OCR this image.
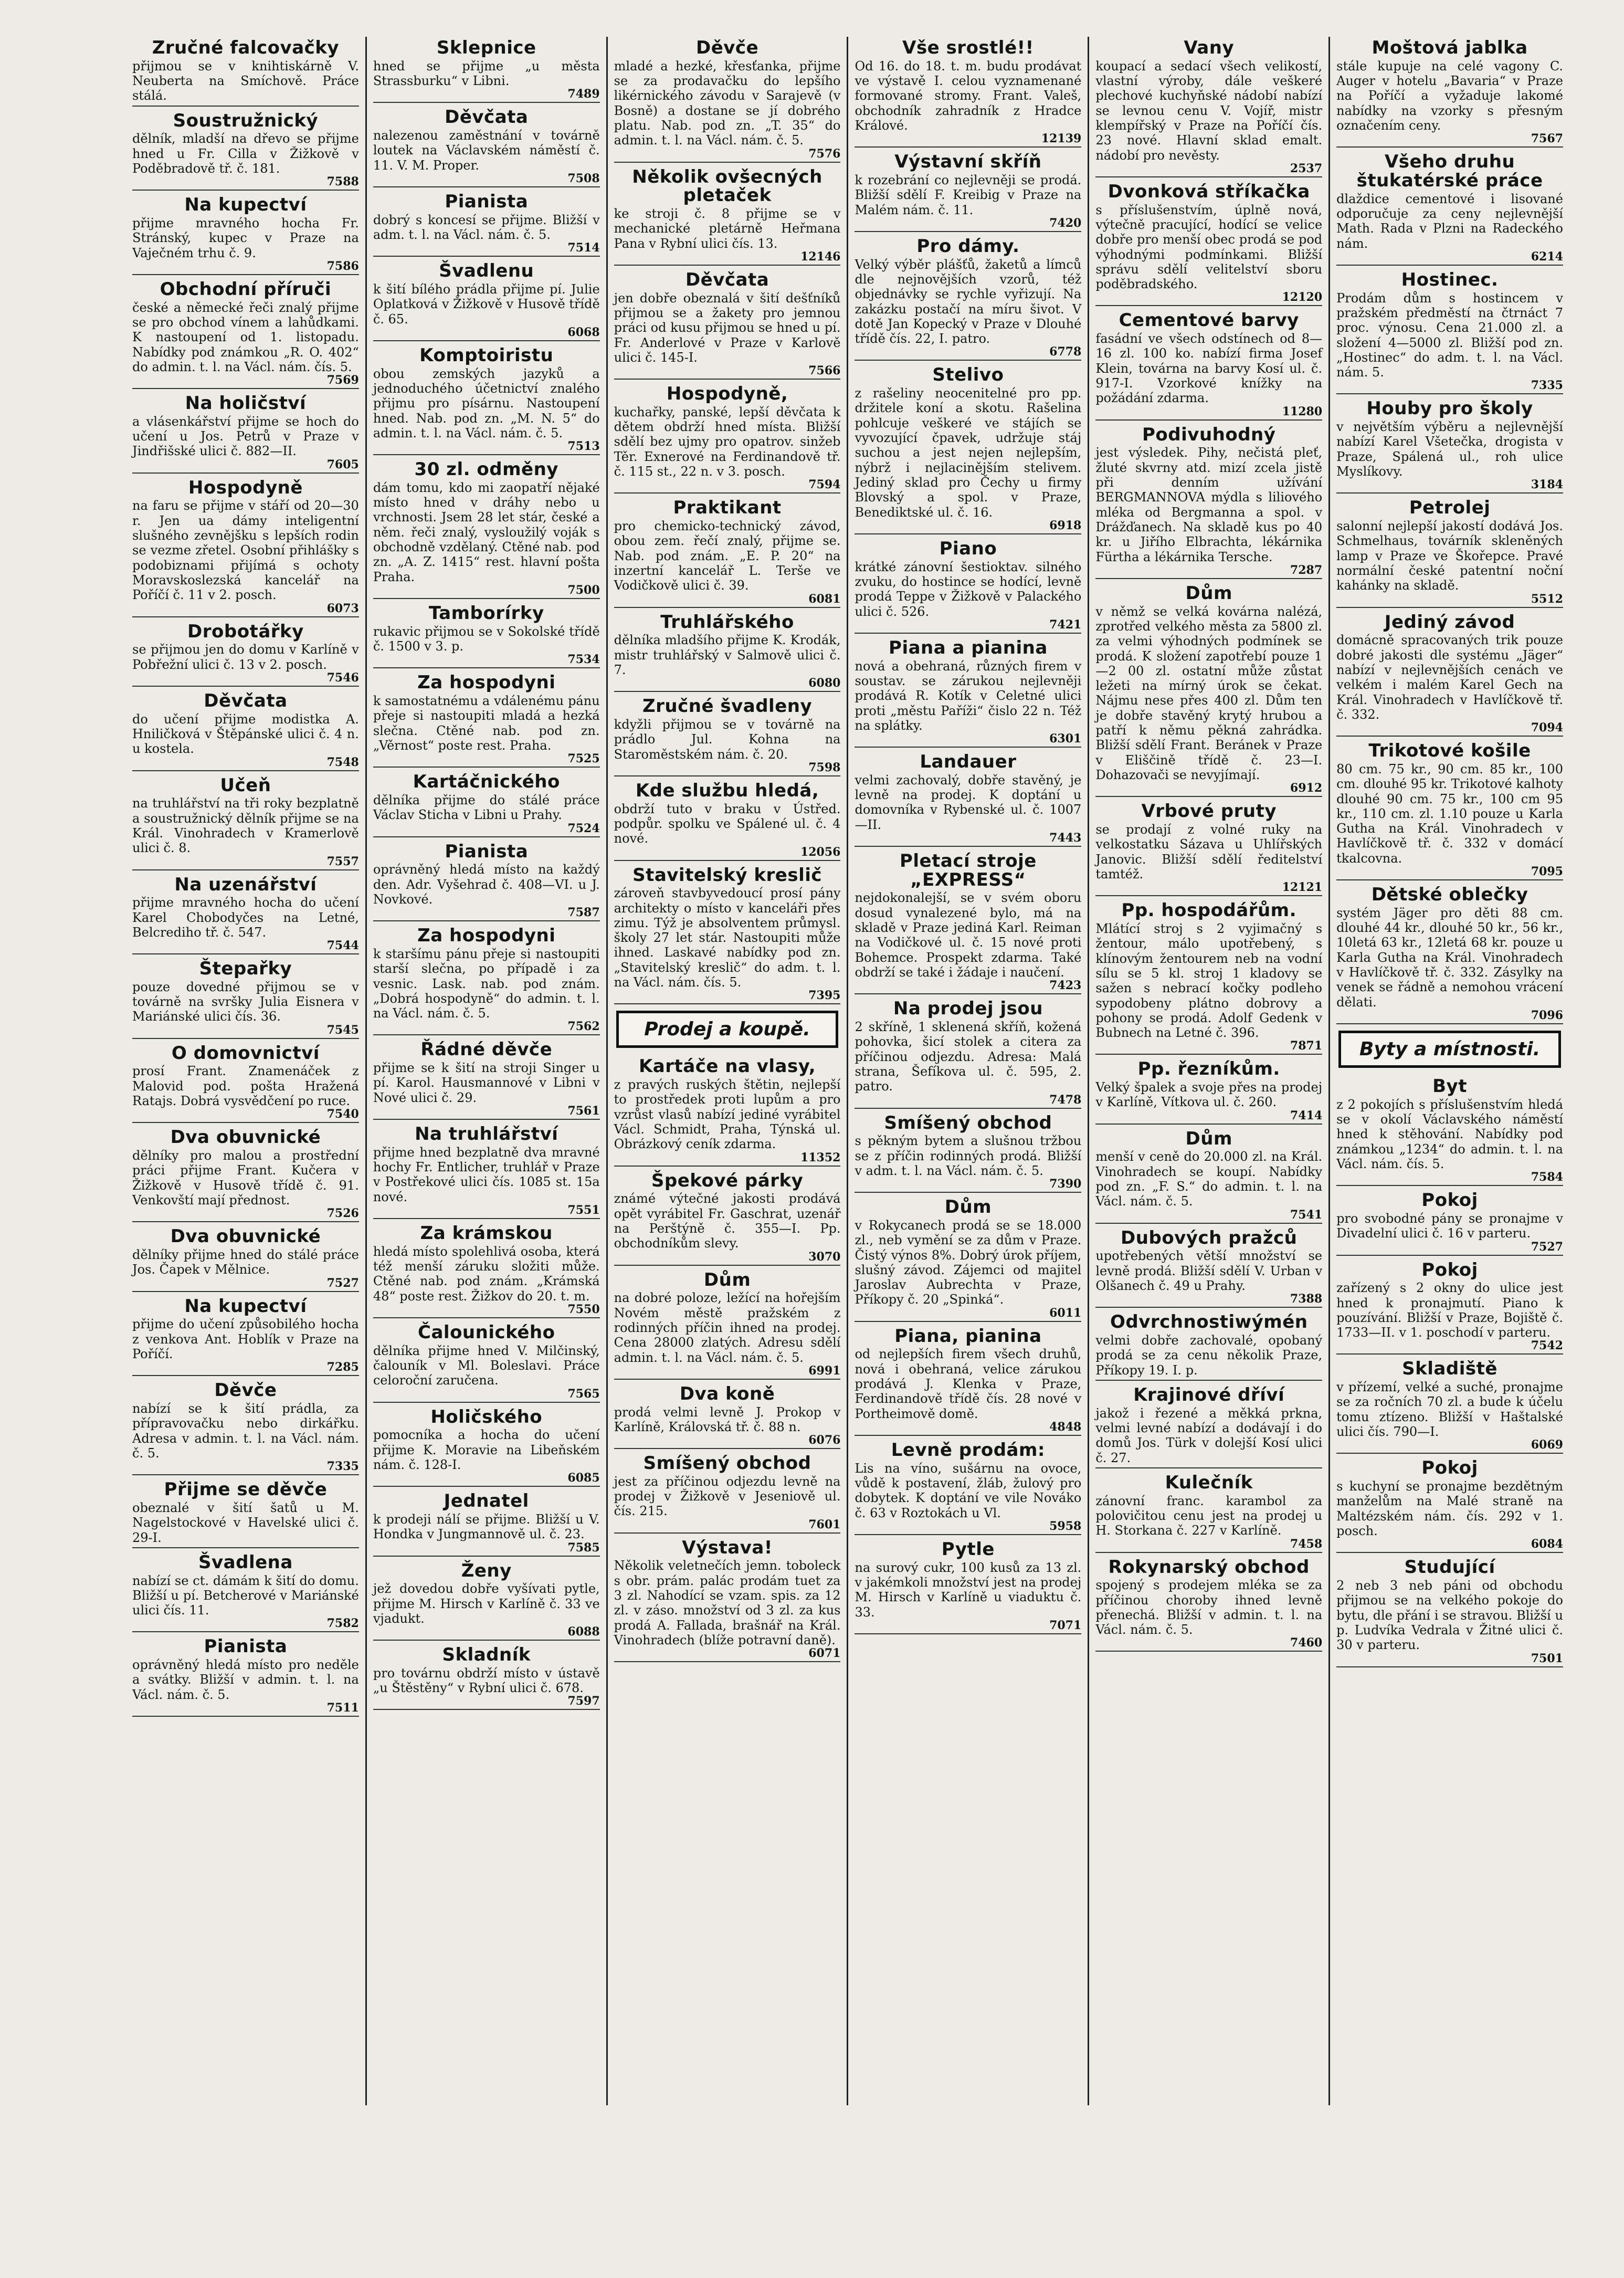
Zručné falcovačky

přijmou se v knihtiskárně V. Neuberta na Smíchově. Práce stálá.

Soustružnický

dělník, mladší na dřevo se přijme hned u Fr. Cilla v Žižkově v Poděbradově tř. č. 181.

7588
Na kupectví

přijme mravného hocha Fr. Stránský, kupec v Praze na Vaječném trhu č. 9.

7586
Obchodní příruči

české a německé řeči znalý přijme se pro obchod vínem a lahůdkami. K nastoupení od 1. listopadu. Nabídky pod známkou „R. O. 402“ do admin. t. l. na Václ. nám. čís. 5.

7569
Na holičství

a vlásenkářství přijme se hoch do učení u Jos. Petrů v Praze v Jindřišské ulici č. 882—II.

7605
Hospodyně

na faru se přijme v stáří od 20—30 r. Jen ua dámy inteligentní slušného zevnějšku s lepších rodin se vezme zřetel. Osobní přihlášky s podobiznami přijímá s ochoty Moravskoslezská kancelář na Poříčí č. 11 v 2. posch.

6073
Drobotářky

se přijmou jen do domu v Karlíně v Pobřežní ulici č. 13 v 2. posch.

7546
Děvčata

do učení přijme modistka A. Hniličková v Štěpánské ulici č. 4 n. u kostela.

7548
Učeň

na truhlářství na tři roky bezplatně a soustružnický dělník přijme se na Král. Vinohradech v Kramerlově ulici č. 8.

7557
Na uzenářství

přijme mravného hocha do učení Karel Chobodyčes na Letné, Belcrediho tř. č. 547.

7544
Štepařky

pouze dovedné přijmou se v továrně na svršky Julia Eisnera v Mariánské ulici čís. 36.

7545
O domovnictví

prosí Frant. Znamenáček z Malovid pod. pošta Hražená Ratajs. Dobrá vysvědčení po ruce.

7540
Dva obuvnické

dělníky pro malou a prostřední práci přijme Frant. Kučera v Žižkově v Husově třídě č. 91. Venkovští mají přednost.

7526
Dva obuvnické

dělníky přijme hned do stálé práce Jos. Čapek v Mělnice.

7527
Na kupectví

přijme do učení způsobilého hocha z venkova Ant. Hoblík v Praze na Poříčí.

7285
Děvče

nabízí se k šití prádla, za přípravovačku nebo dirkářku. Adresa v admin. t. l. na Václ. nám. č. 5.

7335
Přijme se děvče

obeznalé v šití šatů u M. Nagelstockové v Havelské ulici č. 29-I.

Švadlena

nabízí se ct. dámám k šití do domu. Bližší u pí. Betcherové v Mariánské ulici čís. 11.

7582
Pianista

oprávněný hledá místo pro neděle a svátky. Bližší v admin. t. l. na Václ. nám. č. 5.

7511
Sklepnice

hned se přijme „u města Strassburku“ v Libni.

7489
Děvčata

nalezenou zaměstnání v továrně loutek na Václavském náměstí č. 11. V. M. Proper.

7508
Pianista

dobrý s koncesí se přijme. Bližší v adm. t. l. na Václ. nám. č. 5.

7514
Švadlenu

k šití bílého prádla přijme pí. Julie Oplatková v Žižkově v Husově třídě č. 65.

6068
Komptoiristu

obou zemských jazyků a jednoduchého účetnictví znalého přijmu pro písárnu. Nastoupení hned. Nab. pod zn. „M. N. 5“ do admin. t. l. na Václ. nám. č. 5.

7513
30 zl. odměny

dám tomu, kdo mi zaopatří nějaké místo hned v dráhy nebo u vrchnosti. Jsem 28 let stár, české a něm. řeči znalý, vysloužilý voják s obchodně vzdělaný. Ctěné nab. pod zn. „A. Z. 1415“ rest. hlavní pošta Praha.

7500
Tamborírky

rukavic přijmou se v Sokolské třídě č. 1500 v 3. p.

7534
Za hospodyni

k samostatnému a vdálenému pánu přeje si nastoupiti mladá a hezká slečna. Ctěné nab. pod zn. „Věrnost“ poste rest. Praha.

7525
Kartáčnického

dělníka přijme do stálé práce Václav Sticha v Libni u Prahy.

7524
Pianista

oprávněný hledá místo na každý den. Adr. Vyšehrad č. 408—VI. u J. Novkové.

7587
Za hospodyni

k staršímu pánu přeje si nastoupiti starší slečna, po případě i za vesnic. Lask. nab. pod znám. „Dobrá hospodyně“ do admin. t. l. na Václ. nám. č. 5.

7562
Řádné děvče

přijme se k šití na stroji Singer u pí. Karol. Hausmannové v Libni v Nové ulici č. 29.

7561
Na truhlářství

přijme hned bezplatně dva mravné hochy Fr. Entlicher, truhlář v Praze v Postřekové ulici čís. 1085 st. 15a nové.

7551
Za krámskou

hledá místo spolehlivá osoba, která též menší záruku složiti může. Ctěné nab. pod znám. „Krámská 48“ poste rest. Žižkov do 20. t. m.

7550
Čalounického

dělníka přijme hned V. Milčinský, čalouník v Ml. Boleslavi. Práce celoroční zaručena.

7565
Holičského

pomocníka a hocha do učení přijme K. Moravie na Libeňském nám. č. 128-I.

6085
Jednatel

k prodeji nálí se přijme. Bližší u V. Hondka v Jungmannově ul. č. 23.

7585
Ženy

jež dovedou dobře vyšívati pytle, přijme M. Hirsch v Karlíně č. 33 ve vjadukt.

6088
Skladník

pro továrnu obdrží místo v ústavě „u Štěstěny“ v Rybní ulici č. 678.

7597
Děvče

mladé a hezké, křesťanka, přijme se za prodavačku do lepšího likérnického závodu v Sarajevě (v Bosně) a dostane se jí dobrého platu. Nab. pod zn. „T. 35“ do admin. t. l. na Václ. nám. č. 5.

7576
Několik ovšecných pletaček

ke stroji č. 8 přijme se v mechanické pletárně Heřmana Pana v Rybní ulici čís. 13.

12146
Děvčata

jen dobře obeznalá v šití dešťníků přijmou se a žakety pro jemnou práci od kusu přijmou se hned u pí. Fr. Anderlové v Praze v Karlově ulici č. 145-I.

7566
Hospodyně,

kuchařky, panské, lepší děvčata k dětem obdrží hned místa. Bližší sdělí bez ujmy pro opatrov. sinžeb Těr. Exnerové na Ferdinandově tř. č. 115 st., 22 n. v 3. posch.

7594
Praktikant

pro chemicko-technický závod, obou zem. řečí znalý, přijme se. Nab. pod znám. „E. P. 20“ na inzertní kancelář L. Terše ve Vodičkově ulici č. 39.

6081
Truhlářského

dělníka mladšího přijme K. Krodák, mistr truhlářský v Salmově ulici č. 7.

6080
Zručné švadleny

kdyžli přijmou se v továrně na prádlo Jul. Kohna na Staroměstském nám. č. 20.

7598
Kde službu hledá,

obdrží tuto v braku v Ústřed. podpůr. spolku ve Spálené ul. č. 4 nové.

12056
Stavitelský kreslič

zároveň stavbyvedoucí prosí pány architekty o místo v kanceláři přes zimu. Týž je absolventem průmysl. školy 27 let stár. Nastoupiti může ihned. Laskavé nabídky pod zn. „Stavitelský kreslič“ do adm. t. l. na Václ. nám. čís. 5.

7395
Prodej a koupě.
Kartáče na vlasy,

z pravých ruských štětin, nejlepší to prostředek proti lupům a pro vzrůst vlasů nabízí jediné vyrábitel Václ. Schmidt, Praha, Týnská ul. Obrázkový ceník zdarma.

11352
Špekové párky

známé výtečné jakosti prodává opět vyrábitel Fr. Gaschrat, uzenář na Perštýně č. 355—I. Pp. obchodníkům slevy.

3070
Dům

na dobré poloze, ležící na hořejším Novém městě pražském z rodinných příčin ihned na prodej. Cena 28000 zlatých. Adresu sdělí admin. t. l. na Václ. nám. č. 5.

6991
Dva koně

prodá velmi levně J. Prokop v Karlíně, Královská tř. č. 88 n.

6076
Smíšený obchod

jest za příčinou odjezdu levně na prodej v Žižkově v Jeseniově ul. čís. 215.

7601
Výstava!

Několik veletnečích jemn. toboleck s obr. prám. palác prodám tuet za 3 zl. Nahodící se vzam. spis. za 12 zl. v záso. množství od 3 zl. za kus prodá A. Fallada, brašnář na Král. Vinohradech (blíže potravní daně).

6071
Vše srostlé!!

Od 16. do 18. t. m. budu prodávat ve výstavě I. celou vyznamenané formované stromy. Frant. Valeš, obchodník zahradník z Hradce Králové.

12139
Výstavní skříň

k rozebrání co nejlevněji se prodá. Bližší sdělí F. Kreibig v Praze na Malém nám. č. 11.

7420
Pro dámy.

Velký výběr plášťů, žaketů a límců dle nejnovějších vzorů, též objednávky se rychle vyřizují. Na zakázku postačí na míru šivot. V dotě Jan Kopecký v Praze v Dlouhé třídě čís. 22, I. patro.

6778
Stelivo

z rašeliny neocenitelné pro pp. držitele koní a skotu. Rašelina pohlcuje veškeré ve stájích se vyvozující čpavek, udržuje stáj suchou a jest nejen nejlepším, nýbrž i nejlacinějším stelivem. Jediný sklad pro Čechy u firmy Blovský a spol. v Praze, Benediktské ul. č. 16.

6918
Piano

krátké zánovní šestioktav. silného zvuku, do hostince se hodící, levně prodá Teppe v Žižkově v Palackého ulici č. 526.

7421
Piana a pianina

nová a obehraná, různých firem v soustav. se zárukou nejlevněji prodává R. Kotík v Celetné ulici proti „městu Paříži“ čislo 22 n. Též na splátky.

6301
Landauer

velmi zachovalý, dobře stavěný, je levně na prodej. K doptání u domovníka v Rybenské ul. č. 1007—II.

7443
Pletací stroje „EXPRESS“

nejdokonalejší, se v svém oboru dosud vynalezené bylo, má na skladě v Praze jediná Karl. Reiman na Vodičkové ul. č. 15 nové proti Bohemce. Prospekt zdarma. Také obdrží se také i žádaje i naučení.

7423
Na prodej jsou

2 skříně, 1 sklenená skříň, kožená pohovka, šicí stolek a citera za příčinou odjezdu. Adresa: Malá strana, Šefíkova ul. č. 595, 2. patro.

7478
Smíšený obchod

s pěkným bytem a slušnou tržbou se z příčin rodinných prodá. Bližší v adm. t. l. na Václ. nám. č. 5.

7390
Dům

v Rokycanech prodá se se 18.000 zl., neb vymění se za dům v Praze. Čistý výnos 8%. Dobrý úrok příjem, slušný závod. Zájemci od majitel Jaroslav Aubrechta v Praze, Příkopy č. 20 „Spinká“.

6011
Piana, pianina

od nejlepších firem všech druhů, nová i obehraná, velice zárukou prodává J. Klenka v Praze, Ferdinandově třídě čís. 28 nové v Portheimově domě.

4848
Levně prodám:

Lis na víno, sušárnu na ovoce, vůdě k postavení, žláb, žulový pro dobytek. K doptání ve vile Nováko č. 63 v Roztokách u Vl.

5958
Pytle

na surový cukr, 100 kusů za 13 zl. v jakémkoli množství jest na prodej M. Hirsch v Karlíně u viaduktu č. 33.

7071
Vany

koupací a sedací všech velikostí, vlastní výroby, dále veškeré plechové kuchyňské nádobí nabízí se levnou cenu V. Vojíř, mistr klempířský v Praze na Poříčí čís. 23 nové. Hlavní sklad emalt. nádobí pro nevěsty.

2537
Dvonková stříkačka

s příslušenstvím, úplně nová, výtečně pracující, hodící se velice dobře pro menší obec prodá se pod výhodnými podmínkami. Bližší správu sdělí velitelství sboru poděbradského.

12120
Cementové barvy

fasádní ve všech odstínech od 8—16 zl. 100 ko. nabízí firma Josef Klein, továrna na barvy Kosí ul. č. 917-I. Vzorkové knížky na požádání zdarma.

11280
Podivuhodný

jest výsledek. Pihy, nečistá pleť, žluté skvrny atd. mizí zcela jistě při denním užívání BERGMANNOVA mýdla s liliového mléka od Bergmanna a spol. v Drážďanech. Na skladě kus po 40 kr. u Jiřího Elbrachta, lékárnika Fürtha a lékárnika Tersche.

7287
Dům

v němž se velká kovárna nalézá, zprotřed velkého města za 5800 zl. za velmi výhodných podmínek se prodá. K složení zapotřebí pouze 1—2 00 zl. ostatní může zůstat ležeti na mírný úrok se čekat. Nájmu nese přes 400 zl. Dům ten je dobře stavěný krytý hrubou a patří k němu pěkná zahrádka. Bližší sdělí Frant. Beránek v Praze v Eliščině třídě č. 23—I. Dohazovači se nevyjímají.

6912
Vrbové pruty

se prodají z volné ruky na velkostatku Sázava u Uhlířských Janovic. Bližší sdělí ředitelství tamtéž.

12121
Pp. hospodářům.

Mlátící stroj s 2 vyjimačný s žentour, málo upotřebený, s klínovým žentourem neb na vodní sílu se 5 kl. stroj 1 kladovy se sažen s nebrací kočky podleho sypodobeny plátno dobrovy a pohony se prodá. Adolf Gedenk v Bubnech na Letné č. 396.

7871
Pp. řezníkům.

Velký špalek a svoje přes na prodej v Karlíně, Vítkova ul. č. 260.

7414
Dům

menší v ceně do 20.000 zl. na Král. Vinohradech se koupí. Nabídky pod zn. „F. S.“ do admin. t. l. na Václ. nám. č. 5.

7541
Dubových pražců

upotřebených větší množství se levně prodá. Bližší sdělí V. Urban v Olšanech č. 49 u Prahy.

7388
Odvrchnostiwýmén

velmi dobře zachovalé, opobaný prodá se za cenu několik Praze, Příkopy 19. I. p.

Krajinové dříví

jakož i řezené a měkká prkna, velmi levné nabízí a dodávají i do domů Jos. Türk v dolejší Kosí ulici č. 27.

Kulečník

zánovní franc. karambol za polovičitou cenu jest na prodej u H. Storkana č. 227 v Karlíně.

7458
Rokynarský obchod

spojený s prodejem mléka se za příčinou choroby ihned levně přenechá. Bližší v admin. t. l. na Václ. nám. č. 5.

7460
Moštová jablka

stále kupuje na celé vagony C. Auger v hotelu „Bavaria“ v Praze na Poříčí a vyžaduje lakomé nabídky na vzorky s přesným označením ceny.

7567
Všeho druhu štukatérské práce

dlaždice cementové i lisované odporučuje za ceny nejlevnější Math. Rada v Plzni na Radeckého nám.

6214
Hostinec.

Prodám dům s hostincem v pražském předměstí na čtrnáct 7 proc. výnosu. Cena 21.000 zl. a složení 4—5000 zl. Bližší pod zn. „Hostinec“ do adm. t. l. na Václ. nám. 5.

7335
Houby pro školy

v největším výběru a nejlevnější nabízí Karel Všetečka, drogista v Praze, Spálená ul., roh ulice Myslíkovy.

3184
Petrolej

salonní nejlepší jakostí dodává Jos. Schmelhaus, továrník skleněných lamp v Praze ve Škořepce. Pravé normální české patentní noční kahánky na skladě.

5512
Jediný závod

domácně spracovaných trik pouze dobré jakosti dle systému „Jäger“ nabízí v nejlevnějších cenách ve velkém i malém Karel Gech na Král. Vinohradech v Havlíčkově tř. č. 332.

7094
Trikotové košile

80 cm. 75 kr., 90 cm. 85 kr., 100 cm. dlouhé 95 kr. Trikotové kalhoty dlouhé 90 cm. 75 kr., 100 cm 95 kr., 110 cm. zl. 1.10 pouze u Karla Gutha na Král. Vinohradech v Havlíčkově tř. č. 332 v domácí tkalcovna.

7095
Dětské oblečky

systém Jäger pro děti 88 cm. dlouhé 44 kr., dlouhé 50 kr., 56 kr., 10letá 63 kr., 12letá 68 kr. pouze u Karla Gutha na Král. Vinohradech v Havlíčkově tř. č. 332. Zásylky na venek se řádně a nemohou vrácení dělati.

7096
Byty a místnosti.
Byt

z 2 pokojích s příslušenstvím hledá se v okolí Václavského náměstí hned k stěhování. Nabídky pod známkou „1234“ do admin. t. l. na Václ. nám. čís. 5.

7584
Pokoj

pro svobodné pány se pronajme v Divadelní ulici č. 16 v parteru.

7527
Pokoj

zařízený s 2 okny do ulice jest hned k pronajmutí. Piano k pouzívání. Bližší v Praze, Bojiště č. 1733—II. v 1. poschodí v parteru.

7542
Skladiště

v přízemí, velké a suché, pronajme se za ročních 70 zl. a bude k účelu tomu ztízeno. Bližší v Haštalské ulici čís. 790—I.

6069
Pokoj

s kuchyní se pronajme bezdětným manželům na Malé straně na Maltézském nám. čís. 292 v 1. posch.

6084
Studující

2 neb 3 neb páni od obchodu přijmou se na velkého pokoje do bytu, dle přání i se stravou. Bližší u p. Ludvíka Vedrala v Žitné ulici č. 30 v parteru.

7501
